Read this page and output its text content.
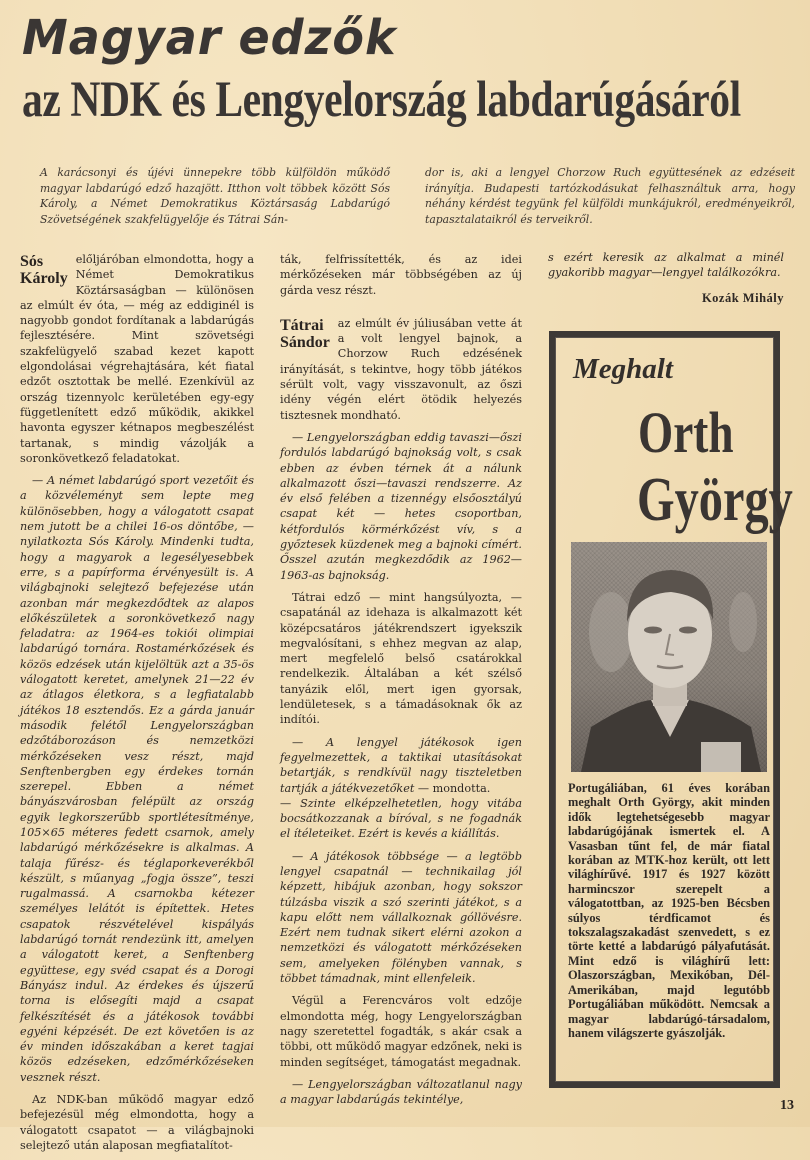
Magyar edzők
az NDK és Lengyelország labdarúgásáról
A karácsonyi és újévi ünnepekre több külföldön működő magyar labdarúgó edző hazajött. Itthon volt többek között Sós Károly, a Német Demokratikus Köztársaság Labdarúgó Szövetségének szakfelügyelője és Tátrai Sán-
dor is, aki a lengyel Chorzow Ruch együttesének az edzéseit irányítja. Budapesti tartózkodásukat felhasználtuk arra, hogy néhány kérdést tegyünk fel külföldi munkájukról, eredményeikről, tapasztalataikról és terveikről.

Sós
Károly
előljáróban elmondotta, hogy a Német Demokratikus Köztársaságban — különösen az elmúlt év óta, — még az eddiginél is nagyobb gondot fordítanak a labdarúgás fejlesztésére. Mint szövetségi szakfelügyelő szabad kezet kapott elgondolásai végrehajtására, két fiatal edzőt osztottak be mellé. Ezenkívül az ország tizennyolc kerületében egy-egy függetlenített edző működik, akikkel havonta egyszer kétnapos megbeszélést tartanak, s mindig vázolják a soronkövetkező feladatokat.

— A német labdarúgó sport vezetőit és a közvéleményt sem lepte meg különösebben, hogy a válogatott csapat nem jutott be a chilei 16-os döntőbe, — nyilatkozta Sós Károly. Mindenki tudta, hogy a magyarok a legesélyesebbek erre, s a papírforma érvényesült is. A világbajnoki selejtező befejezése után azonban már megkezdődtek az alapos előkészületek a soronkövetkező nagy feladatra: az 1964-es tokiói olimpiai labdarúgó tornára. Rostamérkőzések és közös edzések után kijelöltük azt a 35-ös válogatott keretet, amelynek 21—22 év az átlagos életkora, s a legfiatalabb játékos 18 esztendős. Ez a gárda január második felétől Lengyelországban edzőtáborozáson és nemzetközi mérkőzéseken vesz részt, majd Senftenbergben egy érdekes tornán szerepel. Ebben a német bányászvárosban felépült az ország egyik legkorszerűbb sportlétesítménye, 105×65 méteres fedett csarnok, amely labdarúgó mérkőzésekre is alkalmas. A talaja fűrész- és téglaporkeverékből készült, s műanyag „fogja össze”, teszi rugalmassá. A csarnokba kétezer személyes lelátót is építettek. Hetes csapatok részvételével kispályás labdarúgó tornát rendezünk itt, amelyen a válogatott keret, a Senftenberg együttese, egy svéd csapat és a Dorogi Bányász indul. Az érdekes és újszerű torna is elősegíti majd a csapat felkészítését és a játékosok további egyéni képzését. De ezt követően is az év minden időszakában a keret tagjai közös edzéseken, edzőmérkőzéseken vesznek részt.

Az NDK-ban működő magyar edző befejezésül még elmondotta, hogy a válogatott csapatot — a világbajnoki selejtező után alaposan megfiatalítot-

ták, felfrissítették, és az idei mérkőzéseken már többségében az új gárda vesz részt.

Tátrai
Sándor
az elmúlt év júliusában vette át a volt lengyel bajnok, a Chorzow Ruch edzésének irányítását, s tekintve, hogy több játékos sérült volt, vagy visszavonult, az őszi idény végén elért ötödik helyezés tisztesnek mondható.

— Lengyelországban eddig tavaszi—őszi fordulós labdarúgó bajnokság volt, s csak ebben az évben térnek át a nálunk alkalmazott őszi—tavaszi rendszerre. Az év első felében a tizennégy elsőosztályú csapat két — hetes csoportban, kétfordulós körmérkőzést vív, s a győztesek küzdenek meg a bajnoki címért. Ősszel azután megkezdődik az 1962—1963-as bajnokság.

Tátrai edző — mint hangsúlyozta, — csapatánál az idehaza is alkalmazott két középcsatáros játékrendszert igyekszik megvalósítani, s ehhez megvan az alap, mert megfelelő belső csatárokkal rendelkezik. Általában a két szélső tanyázik elől, mert igen gyorsak, lendületesek, s a támadásoknak ők az indítói.

— A lengyel játékosok igen fegyelmezettek, a taktikai utasításokat betartják, s rendkívül nagy tiszteletben tartják a játékvezetőket — mondotta.
— Szinte elképzelhetetlen, hogy vitába bocsátkozzanak a bíróval, s ne fogadnák el ítéleteiket. Ezért is kevés a kiállítás.

— A játékosok többsége — a legtöbb lengyel csapatnál — technikailag jól képzett, hibájuk azonban, hogy sokszor túlzásba viszik a szó szerinti játékot, s a kapu előtt nem vállalkoznak góllövésre. Ezért nem tudnak sikert elérni azokon a nemzetközi és válogatott mérkőzéseken sem, amelyeken fölényben vannak, s többet támadnak, mint ellenfeleik.

Végül a Ferencváros volt edzője elmondotta még, hogy Lengyelországban nagy szeretettel fogadták, s akár csak a többi, ott működő magyar edzőnek, neki is minden segítséget, támogatást megadnak.

— Lengyelországban változatlanul nagy a magyar labdarúgás tekintélye,

s ezért keresik az alkalmat a minél gyakoribb magyar—lengyel találkozókra.

Kozák Mihály
Meghalt
Orth
György
Portugáliában, 61 éves korában meghalt Orth György, akit minden idők legtehetségesebb magyar labdarúgójának ismertek el. A Vasasban tűnt fel, de már fiatal korában az MTK-hoz került, ott lett világhírűvé. 1917 és 1927 között harmincszor szerepelt a válogatottban, az 1925-ben Bécsben súlyos térdficamot és tokszalagszakadást szenvedett, s ez törte ketté a labdarúgó pályafutását. Mint edző is világhírű lett: Olaszországban, Mexikóban, Dél-Amerikában, majd legutóbb Portugáliában működött. Nemcsak a magyar labdarúgó-társadalom, hanem világszerte gyászolják.
13
